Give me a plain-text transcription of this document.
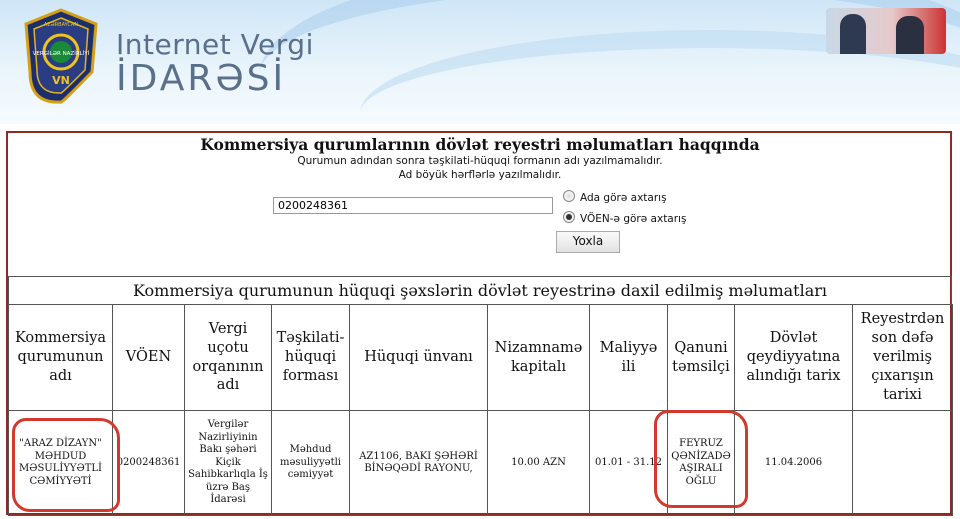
AZƏRBAYCAN
VERGİLƏR NAZİRLİYİ
VN
Internet Vergi
İDARƏSİ
Kommersiya qurumlarının dövlət reyestri məlumatları haqqında
Qurumun adından sonra təşkilati-hüquqi formanın adı yazılmamalıdır.
Ad böyük hərflərlə yazılmalıdır.
0200248361
Ada görə axtarış
VÖEN-ə görə axtarış
Yoxla
Kommersiya qurumunun hüquqi şəxslərin dövlət reyestrinə daxil edilmiş məlumatları
Kommersiya qurumunun adı	VÖEN	Vergi uçotu orqanının adı	Təşkilati-hüquqi forması	Hüquqi ünvanı	Nizamnamə kapitalı	Maliyyə ili	Qanuni təmsilçi	Dövlət qeydiyyatına alındığı tarix	Reyestrdən son dəfə verilmiş çıxarışın tarixi
"ARAZ DİZAYN" MƏHDUD MƏSULİYYƏTLİ CƏMİYYƏTİ	0200248361	Vergilər Nazirliyinin Bakı şəhəri Kiçik Sahibkarlıqla İş üzrə Baş İdarəsi	Məhdud məsuliyyətli cəmiyyət	AZ1106, BAKI ŞƏHƏRİ BİNƏQƏDİ RAYONU,	10.00 AZN	01.01 - 31.12	FEYRUZ QƏNİZADƏ AŞIRALI OĞLU	11.04.2006	
